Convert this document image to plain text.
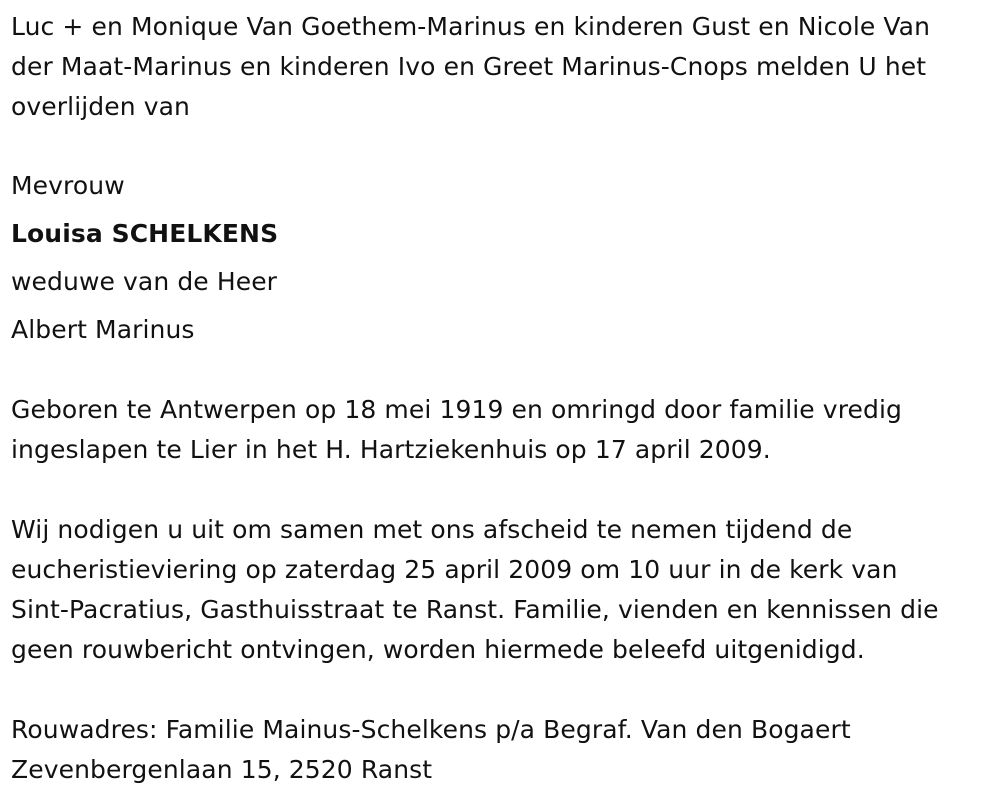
Luc + en Monique Van Goethem-Marinus en kinderen Gust en Nicole Van
der Maat-Marinus en kinderen Ivo en Greet Marinus-Cnops melden U het
overlijden van
Mevrouw
Louisa SCHELKENS
weduwe van de Heer
Albert Marinus
Geboren te Antwerpen op 18 mei 1919 en omringd door familie vredig
ingeslapen te Lier in het H. Hartziekenhuis op 17 april 2009.
Wij nodigen u uit om samen met ons afscheid te nemen tijdend de
eucheristieviering op zaterdag 25 april 2009 om 10 uur in de kerk van
Sint-Pacratius, Gasthuisstraat te Ranst. Familie, vienden en kennissen die
geen rouwbericht ontvingen, worden hiermede beleefd uitgenidigd.
Rouwadres: Familie Mainus-Schelkens p/a Begraf. Van den Bogaert
Zevenbergenlaan 15, 2520 Ranst
